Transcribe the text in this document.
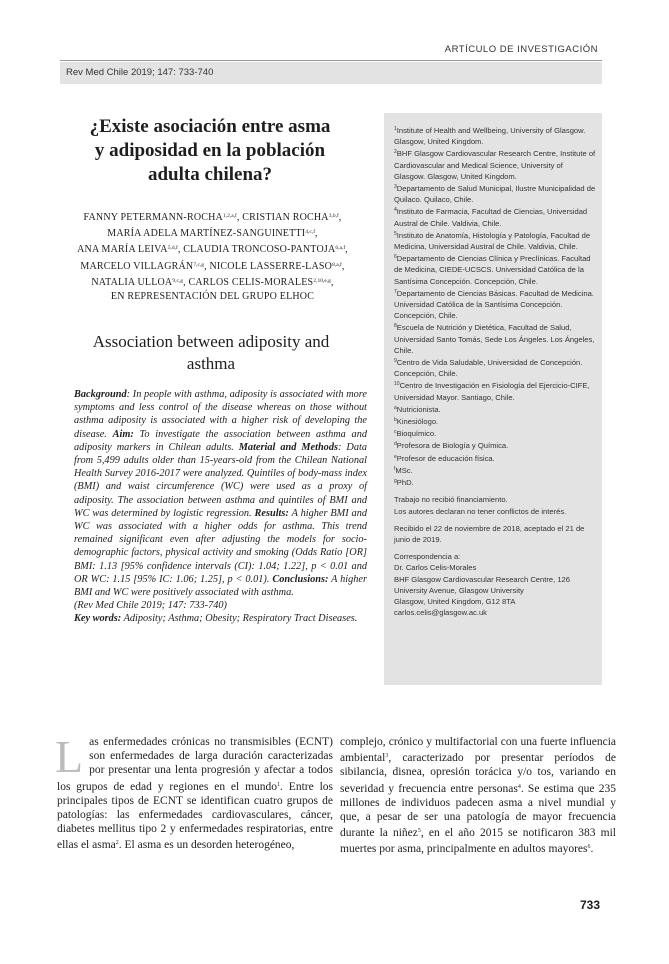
ARTÍCULO DE INVESTIGACIÓN
Rev Med Chile 2019; 147: 733-740
¿Existe asociación entre asma
y adiposidad en la población
adulta chilena?
FANNY PETERMANN-ROCHA$^{1,2,a,f}$, CRISTIAN ROCHA$^{3,b,f}$,
MARÍA ADELA MARTÍNEZ-SANGUINETTI$^{4,c,f}$,
ANA MARÍA LEIVA$^{5,d,f}$, CLAUDIA TRONCOSO-PANTOJA$^{6,a,f}$,
MARCELO VILLAGRÁN$^{7,c,g}$, NICOLE LASSERRE-LASO$^{8,a,f}$,
NATALIA ULLOA$^{9,c,g}$, CARLOS CELIS-MORALES$^{2,10,e,g}$,
EN REPRESENTACIÓN DEL GRUPO ELHOC
Association between adiposity and
asthma

Background: In people with asthma, adiposity is associated with more symptoms and less control of the disease whereas on those without asthma adiposity is associated with a higher risk of developing the disease. Aim: To investigate the association between asthma and adiposity markers in Chilean adults. Material and Methods: Data from 5,499 adults older than 15-years-old from the Chilean National Health Survey 2016-2017 were analyzed. Quintiles of body-mass index (BMI) and waist circumference (WC) were used as a proxy of adiposity. The association between asthma and quintiles of BMI and WC was determined by logistic regression. Results: A higher BMI and WC was associated with a higher odds for asthma. This trend remained significant even after adjusting the models for socio-demographic factors, physical activity and smoking (Odds Ratio [OR] BMI: 1.13 [95% confidence intervals (CI): 1.04; 1.22], p < 0.01 and OR WC: 1.15 [95% IC: 1.06; 1.25], p < 0.01). Conclusions: A higher BMI and WC were positively associated with asthma.

(Rev Med Chile 2019; 147: 733-740)

Key words: Adiposity; Asthma; Obesity; Respiratory Tract Diseases.

$^1$Institute of Health and Wellbeing, University of Glasgow. Glasgow, United Kingdom.

$^2$BHF Glasgow Cardiovascular Research Centre, Institute of Cardiovascular and Medical Science, University of Glasgow. Glasgow, United Kingdom.

$^3$Departamento de Salud Municipal, Ilustre Municipalidad de Quilaco. Quilaco, Chile.

$^4$Instituto de Farmacia, Facultad de Ciencias, Universidad Austral de Chile. Valdivia, Chile.

$^5$Instituto de Anatomía, Histología y Patología, Facultad de Medicina, Universidad Austral de Chile. Valdivia, Chile.

$^6$Departamento de Ciencias Clínica y Preclínicas. Facultad de Medicina, CIEDE-UCSCS. Universidad Católica de la Santísima Concepción. Concepción, Chile.

$^7$Departamento de Ciencias Básicas. Facultad de Medicina. Universidad Católica de la Santísima Concepción. Concepción, Chile.

$^8$Escuela de Nutrición y Dietética, Facultad de Salud, Universidad Santo Tomás, Sede Los Ángeles. Los Ángeles, Chile.

$^9$Centro de Vida Saludable, Universidad de Concepción. Concepción, Chile.

$^{10}$Centro de Investigación en Fisiología del Ejercicio-CIFE, Universidad Mayor. Santiago, Chile.

$^a$Nutricionista.

$^b$Kinesiólogo.

$^c$Bioquímico.

$^d$Profesora de Biología y Química.

$^e$Profesor de educación física.

$^f$MSc.

$^g$PhD.

Trabajo no recibió financiamiento.

Los autores declaran no tener conflictos de interés.

Recibido el 22 de noviembre de 2018, aceptado el 21 de junio de 2019.

Correspondencia a:

Dr. Carlos Celis-Morales

BHF Glasgow Cardiovascular Research Centre, 126 University Avenue, Glasgow University

Glasgow, United Kingdom, G12 8TA

carlos.celis@glasgow.ac.uk

Las enfermedades crónicas no transmisibles (ECNT) son enfermedades de larga duración caracterizadas por presentar una lenta progresión y afectar a todos los grupos de edad y regiones en el mundo$^1$. Entre los principales tipos de ECNT se identifican cuatro grupos de patologías: las enfermedades cardiovasculares, cáncer, diabetes mellitus tipo 2 y enfermedades respiratorias, entre ellas el asma$^2$. El asma es un desorden heterogéneo,
complejo, crónico y multifactorial con una fuerte influencia ambiental$^3$, caracterizado por presentar períodos de sibilancia, disnea, opresión torácica y/o tos, variando en severidad y frecuencia entre personas$^4$. Se estima que 235 millones de individuos padecen asma a nivel mundial y que, a pesar de ser una patología de mayor frecuencia durante la niñez$^5$, en el año 2015 se notificaron 383 mil muertes por asma, principalmente en adultos mayores$^6$.
733
